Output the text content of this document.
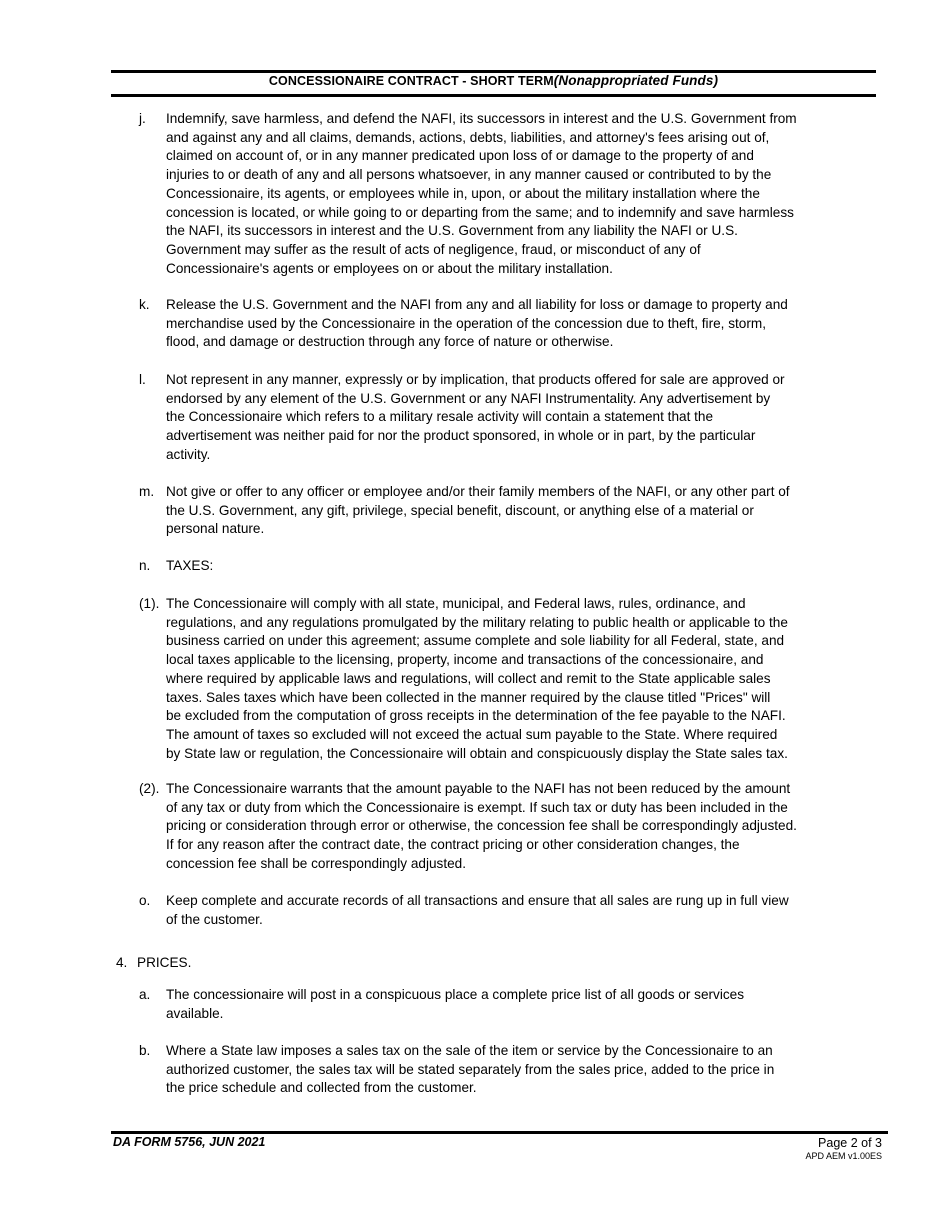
CONCESSIONAIRE CONTRACT - SHORT TERM(Nonappropriated Funds)
j. Indemnify, save harmless, and defend the NAFI, its successors in interest and the U.S. Government from
and against any and all claims, demands, actions, debts, liabilities, and attorney's fees arising out of,
claimed on account of, or in any manner predicated upon loss of or damage to the property of and
injuries to or death of any and all persons whatsoever, in any manner caused or contributed to by the
Concessionaire, its agents, or employees while in, upon, or about the military installation where the
concession is located, or while going to or departing from the same; and to indemnify and save harmless
the NAFI, its successors in interest and the U.S. Government from any liability the NAFI or U.S.
Government may suffer as the result of acts of negligence, fraud, or misconduct of any of
Concessionaire's agents or employees on or about the military installation.
k. Release the U.S. Government and the NAFI from any and all liability for loss or damage to property and
merchandise used by the Concessionaire in the operation of the concession due to theft, fire, storm,
flood, and damage or destruction through any force of nature or otherwise.
l. Not represent in any manner, expressly or by implication, that products offered for sale are approved or
endorsed by any element of the U.S. Government or any NAFI Instrumentality. Any advertisement by
the Concessionaire which refers to a military resale activity will contain a statement that the
advertisement was neither paid for nor the product sponsored, in whole or in part, by the particular
activity.
m. Not give or offer to any officer or employee and/or their family members of the NAFI, or any other part of
the U.S. Government, any gift, privilege, special benefit, discount, or anything else of a material or
personal nature.
n. TAXES:
(1). The Concessionaire will comply with all state, municipal, and Federal laws, rules, ordinance, and
regulations, and any regulations promulgated by the military relating to public health or applicable to the
business carried on under this agreement; assume complete and sole liability for all Federal, state, and
local taxes applicable to the licensing, property, income and transactions of the concessionaire, and
where required by applicable laws and regulations, will collect and remit to the State applicable sales
taxes. Sales taxes which have been collected in the manner required by the clause titled "Prices" will
be excluded from the computation of gross receipts in the determination of the fee payable to the NAFI.
The amount of taxes so excluded will not exceed the actual sum payable to the State. Where required
by State law or regulation, the Concessionaire will obtain and conspicuously display the State sales tax.
(2). The Concessionaire warrants that the amount payable to the NAFI has not been reduced by the amount
of any tax or duty from which the Concessionaire is exempt. If such tax or duty has been included in the
pricing or consideration through error or otherwise, the concession fee shall be correspondingly adjusted.
If for any reason after the contract date, the contract pricing or other consideration changes, the
concession fee shall be correspondingly adjusted.
o. Keep complete and accurate records of all transactions and ensure that all sales are rung up in full view
of the customer.
4. PRICES.
a. The concessionaire will post in a conspicuous place a complete price list of all goods or services
available.
b. Where a State law imposes a sales tax on the sale of the item or service by the Concessionaire to an
authorized customer, the sales tax will be stated separately from the sales price, added to the price in
the price schedule and collected from the customer.
DA FORM 5756, JUN 2021	Page 2 of 3
APD AEM v1.00ES
